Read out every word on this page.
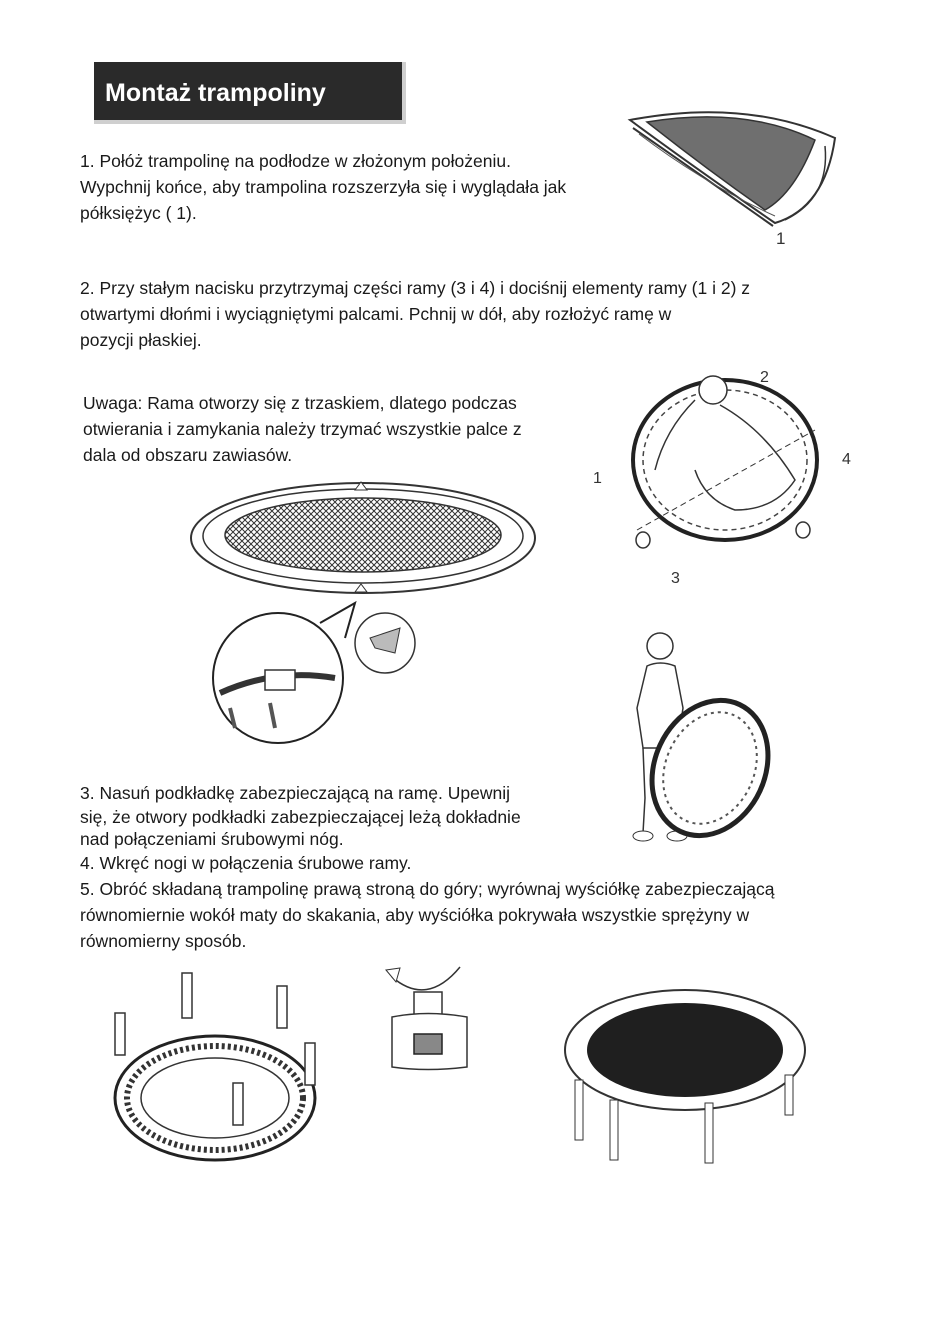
Montaż trampoliny
1. Połóż trampolinę na podłodze w złożonym położeniu.
Wypchnij końce, aby trampolina rozszerzyła się i wyglądała jak
półksiężyc ( 1).
1
2. Przy stałym nacisku przytrzymaj części ramy (3 i 4) i dociśnij elementy ramy (1 i 2) z
otwartymi dłońmi i wyciągniętymi palcami. Pchnij w dół, aby rozłożyć ramę w
pozycji płaskiej.
Uwaga: Rama otworzy się z trzaskiem, dlatego podczas
otwierania i zamykania należy trzymać wszystkie palce z
dala od obszaru zawiasów.
2
4
1
3
3. Nasuń podkładkę zabezpieczającą na ramę. Upewnij
się, że otwory podkładki zabezpieczającej leżą dokładnie
nad połączeniami śrubowymi nóg.
4. Wkręć nogi w połączenia śrubowe ramy.
5. Obróć składaną trampolinę prawą stroną do góry; wyrównaj wyściółkę zabezpieczającą
równomiernie wokół maty do skakania, aby wyściółka pokrywała wszystkie sprężyny w
równomierny sposób.
